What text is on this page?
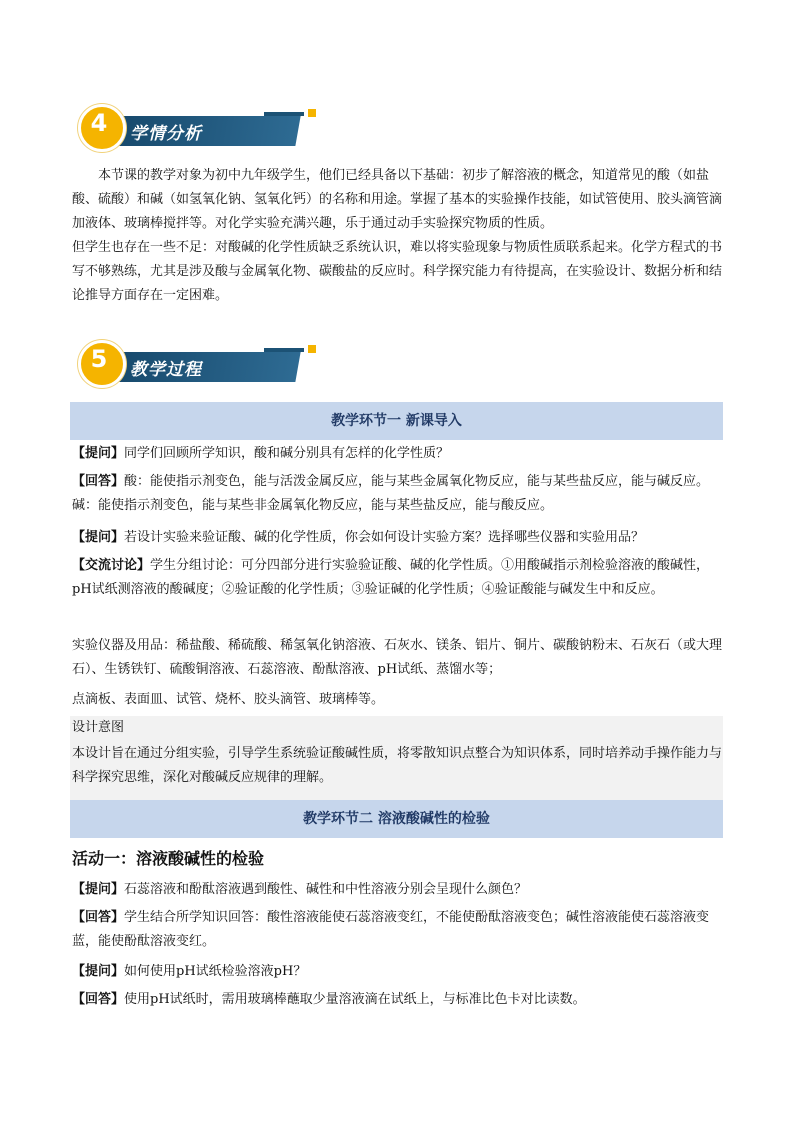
4	学情分析

本节课的教学对象为初中九年级学生，他们已经具备以下基础：初步了解溶液的概念，知道常见的酸（如盐酸、硫酸）和碱（如氢氧化钠、氢氧化钙）的名称和用途。掌握了基本的实验操作技能，如试管使用、胶头滴管滴加液体、玻璃棒搅拌等。对化学实验充满兴趣，乐于通过动手实验探究物质的性质。

但学生也存在一些不足：对酸碱的化学性质缺乏系统认识，难以将实验现象与物质性质联系起来。化学方程式的书写不够熟练，尤其是涉及酸与金属氧化物、碳酸盐的反应时。科学探究能力有待提高，在实验设计、数据分析和结论推导方面存在一定困难。

5	教学过程
教学环节一 新课导入

【提问】同学们回顾所学知识，酸和碱分别具有怎样的化学性质？

【回答】酸：能使指示剂变色，能与活泼金属反应，能与某些金属氧化物反应，能与某些盐反应，能与碱反应。碱：能使指示剂变色，能与某些非金属氧化物反应，能与某些盐反应，能与酸反应。

【提问】若设计实验来验证酸、碱的化学性质，你会如何设计实验方案？选择哪些仪器和实验用品？

【交流讨论】学生分组讨论：可分四部分进行实验验证酸、碱的化学性质。①用酸碱指示剂检验溶液的酸碱性，pH试纸测溶液的酸碱度；②验证酸的化学性质；③验证碱的化学性质；④验证酸能与碱发生中和反应。

实验仪器及用品：稀盐酸、稀硫酸、稀氢氧化钠溶液、石灰水、镁条、铝片、铜片、碳酸钠粉末、石灰石（或大理石）、生锈铁钉、硫酸铜溶液、石蕊溶液、酚酞溶液、pH试纸、蒸馏水等；

点滴板、表面皿、试管、烧杯、胶头滴管、玻璃棒等。

设计意图

本设计旨在通过分组实验，引导学生系统验证酸碱性质，将零散知识点整合为知识体系，同时培养动手操作能力与科学探究思维，深化对酸碱反应规律的理解。

教学环节二 溶液酸碱性的检验
活动一：溶液酸碱性的检验

【提问】石蕊溶液和酚酞溶液遇到酸性、碱性和中性溶液分别会呈现什么颜色？

【回答】学生结合所学知识回答：酸性溶液能使石蕊溶液变红，不能使酚酞溶液变色；碱性溶液能使石蕊溶液变蓝，能使酚酞溶液变红。

【提问】如何使用pH试纸检验溶液pH？

【回答】使用pH试纸时，需用玻璃棒蘸取少量溶液滴在试纸上，与标准比色卡对比读数。
